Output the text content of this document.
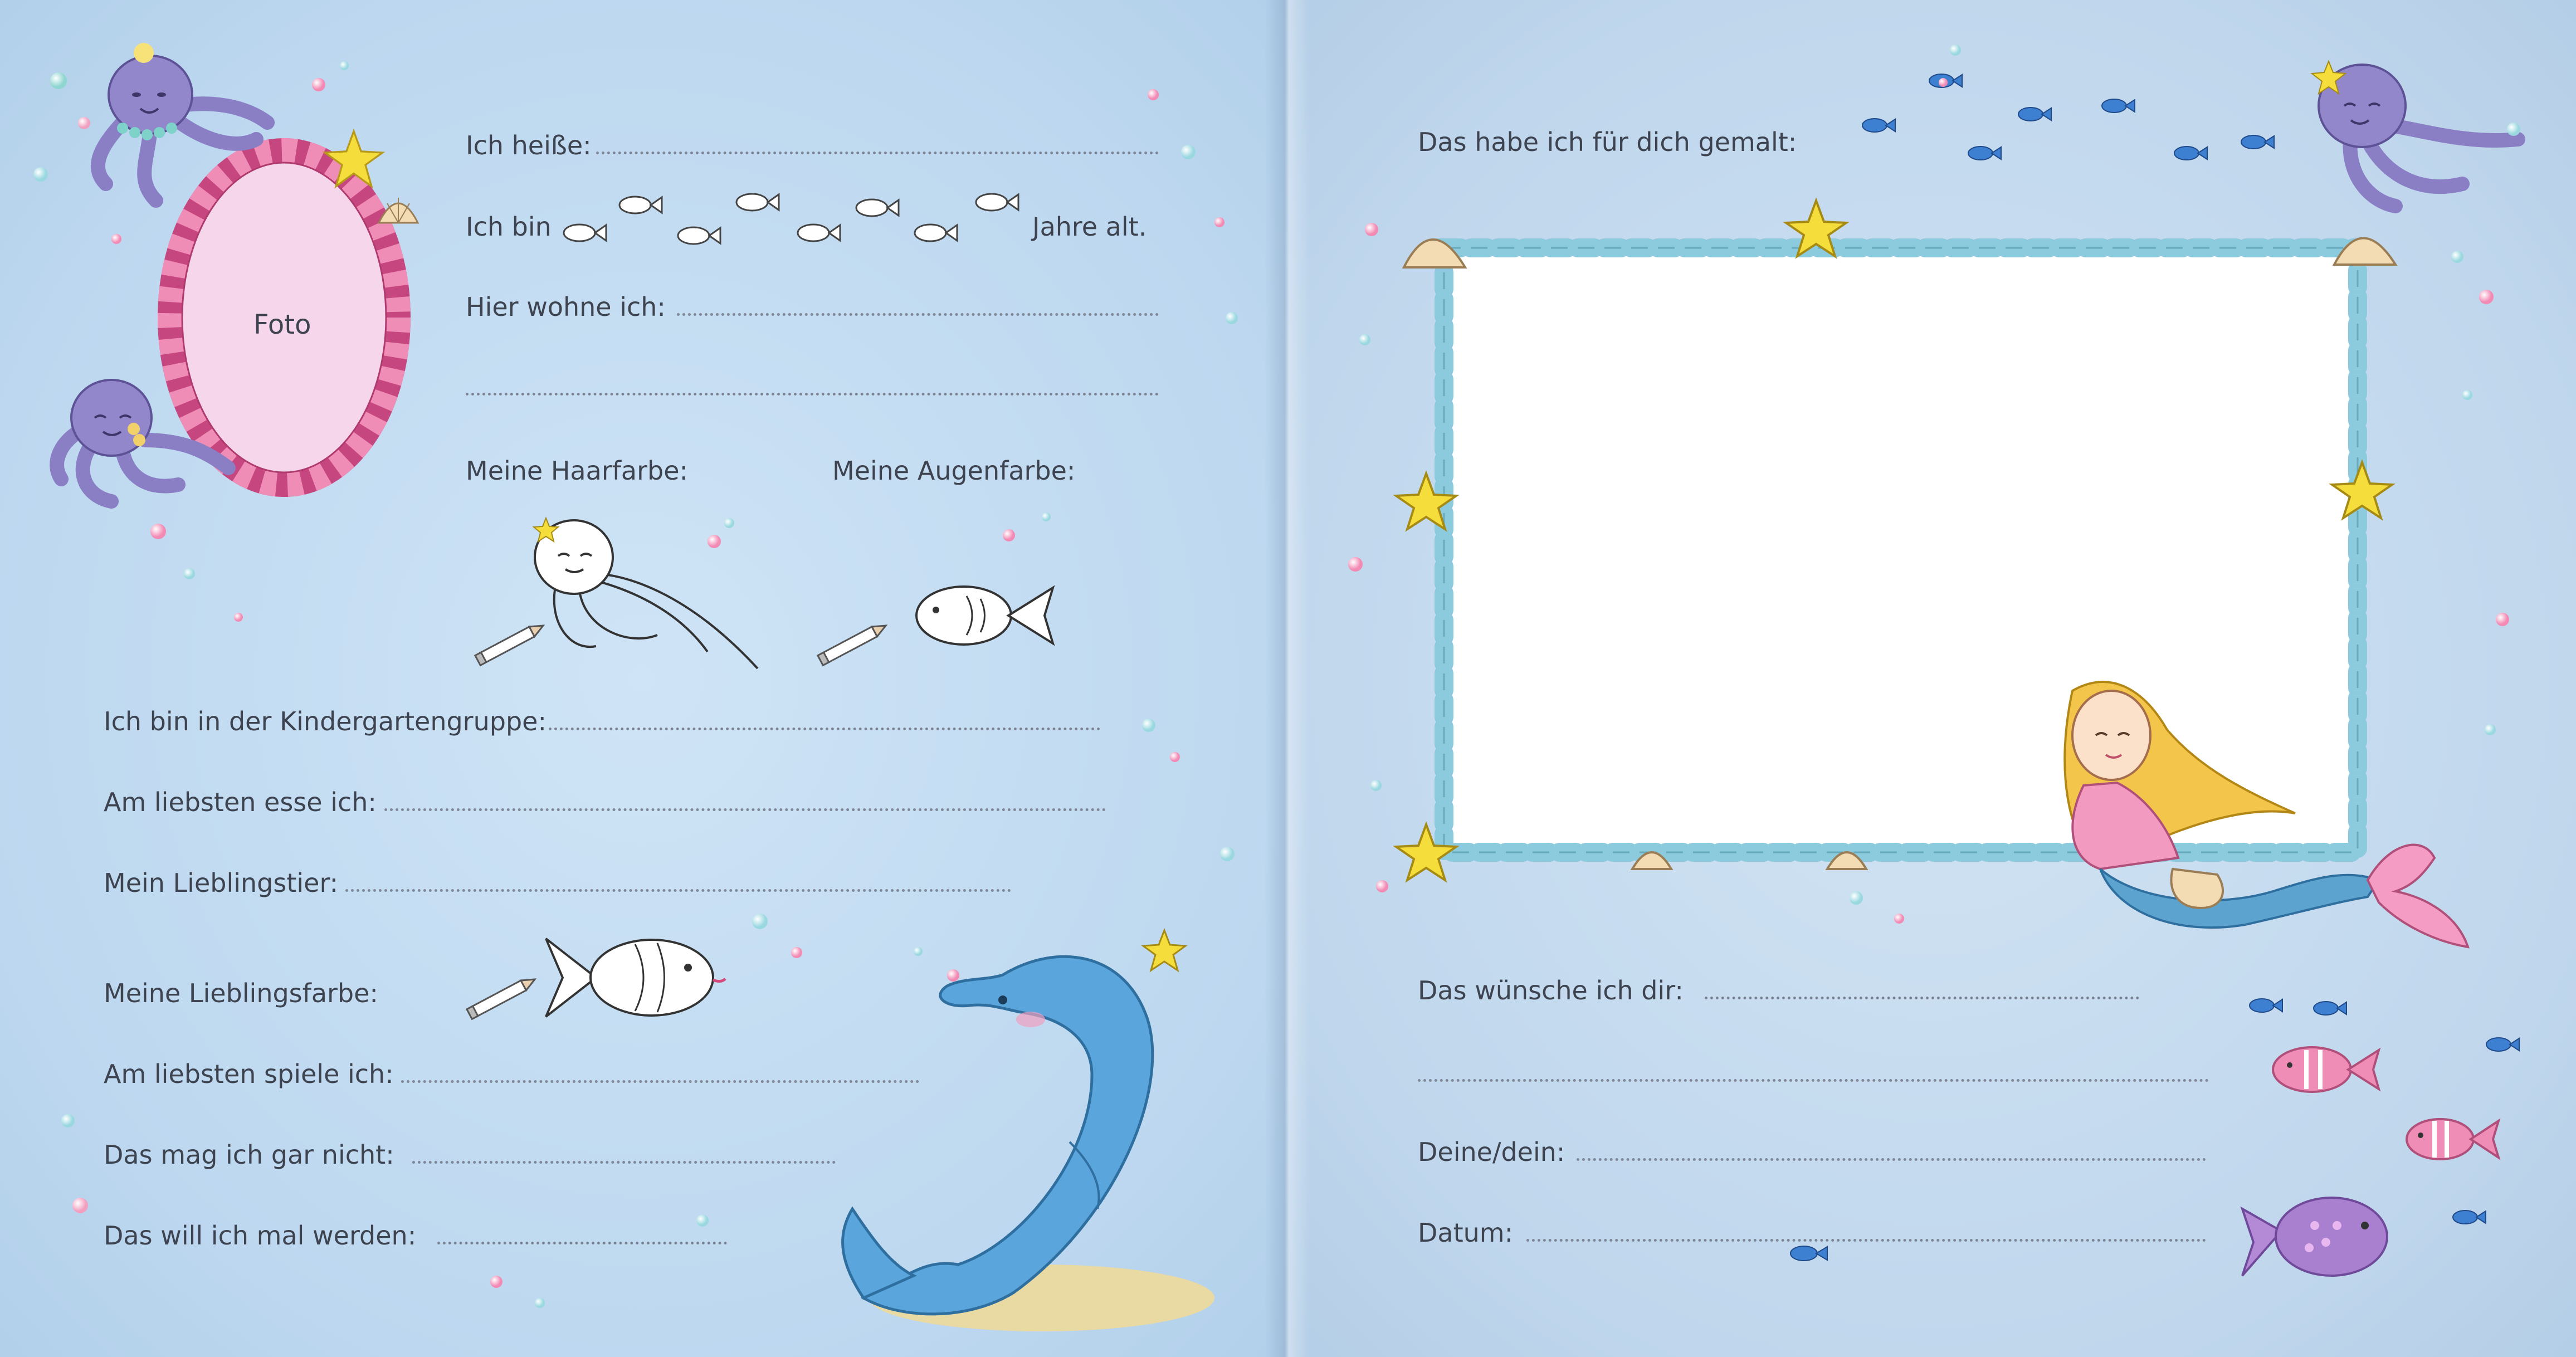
Foto
Ich heiße:
Ich bin	Jahre alt.
Hier wohne ich:
Meine Haarfarbe:	Meine Augenfarbe:
Ich bin in der Kindergartengruppe:
Am liebsten esse ich:
Mein Lieblingstier:
Meine Lieblingsfarbe:
Am liebsten spiele ich:
Das mag ich gar nicht:
Das will ich mal werden:
Das habe ich für dich gemalt:
Das wünsche ich dir:
Deine/dein:
Datum:
